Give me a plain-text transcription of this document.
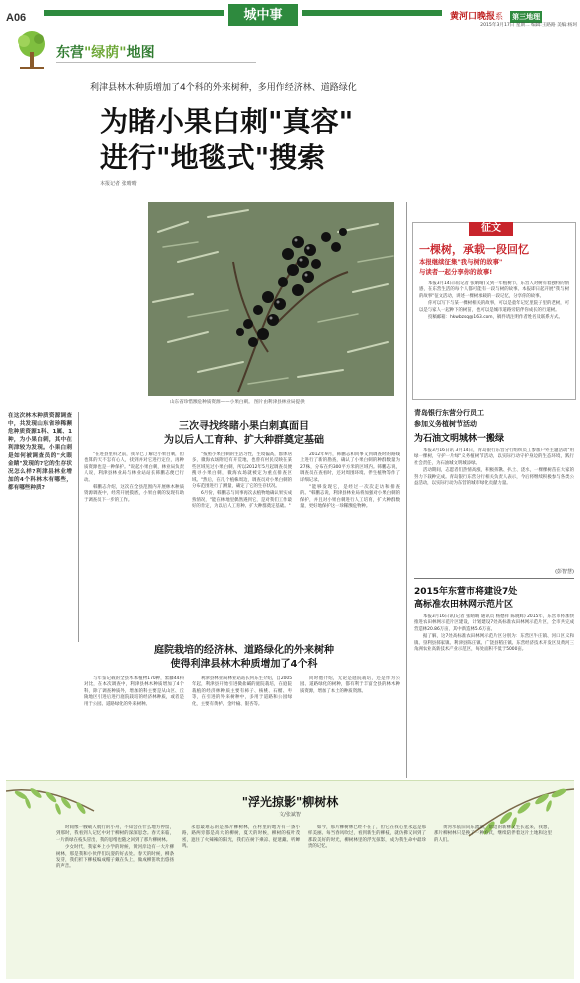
A06	城中事	黄河口晚报系 第三地理
2015年3月17日 星期二 编辑:王路路 美编:杨珂
东营"绿荫"地图
利津县林木种质增加了4个科的外来树种，多用作经济林、道路绿化
为睹小果白刺"真容"
进行"地毯式"搜索
本报记者 张晴晴
山东省珍惜濒危种质资源——小果白刺。 图片由利津县林业局提供
在这次林木种质资源调查中，共发现山东省珍稀濒危种质资源1科、1属、1种，为小果白刺，其中在利津较为发现。小果白刺是如何被调查员的"火眼金睛"发现的?它的生存状况怎么样?利津县林业增加的4个科林木有哪些，都有哪些种质?
三次寻找终睹小果白刺真面目
为以后人工育种、扩大种群奠定基础

"在进县里科之前，我早已了解过小果白刺，但也算的天不怎有心人，找到并对它进行定位，再种质资源也是一种保护。"说起小果白刺，林业局负责人说，利津县林业局与林业站站长韩鹏志便已行动。

韩鹏志介绍，这次在全县范围内开展林木种质资源调查中，经常开展摸底，小果白刺的发现有助于调查员下一步的工作。

"按照小果白刺的生活习性，生境偏高，群体居多，微海农场附近有开荒地，也曾有村民反映在某些区域见过小果白刺，所以2012年5月起调查员便搜寻小果白刺，微海农场就被定为重点排查区域。"然后，在几个植株周边，调查员对小果白刺的分布范围进行了测量，确定了它的生存状况。

6月份，韩鹏志与同事再次去植物地确认果实成熟情况，"能在林地里偶然遇到它，是对我们工作最好的肯定，为以后人工育种、扩大种群奠定基础。"

2012年9月，韩鹏志和同事又到调查时的路线上进行了新的勘查，确认了小果白刺的种群数量为27株，分布在约300平方米的区域内。韩鹏志说，调查员在查看时，还对周围环境、伴生植物等作了详细记录。

"能够发现它，是经过一次次走访和排查的。"韩鹏志说，利津县林业局将加强对小果白刺的保护，并且对小果白刺进行人工培育，扩大种群数量，更好地保护这一珍稀濒危物种。

庭院栽培的经济林、道路绿化的外来树种
使得利津县林木种质增加了4个科

与年鉴记载的全县木本植物170种，紫藤44科对比，在本次调查中，利津县林木种质增加了4个科，除了调查种质外，增加的科主要是从山区、丘陵地区引进后进行庭院栽培的经济林种质，或者是用于公园、道路绿化的外来树种。

利津县林业局林业站站长何东生介绍，自2005年起，利津县开始引进微盐碱的庭院栽培，在庭院栽植的经济林种质主要有柿子、核桃、石榴、枣等，在引进的外来树种中，多用于道路和公园绿化，主要有黄栌、金叶榆、银杏等。

同时他介绍，无论是庭院栽培，还是作为公园、道路绿化的树种，都有利于丰富全县的林木种质资源，增加了本土的种质资源。

征文
一棵树，承载一段回忆
本报继续征集"我与树的故事"
与读者一起分享你的故事!

本报3月14日讯(记者 张晴晴)又到一年植树节，东营人对树有着独特的情感，在东营生活的每个人都可能有一段与树的故事。本报即日起开展"我与树的故事"征文活动，讲述一棵树承载的一段记忆，分享你的故事。

你可以写下与某一棵树相关的故事，可以是童年记忆里院子里的老树，可以是与家人一起种下的树苗，也可以是城市道路旁陪伴你成长的行道树。

投稿邮箱：hkwbzsq@163.com，稿件请注明作者姓名及联系方式。

青岛银行东营分行员工
参加义务植树节活动
为石油文明城林一搬绿

本报3月16日讯 3月14日，青岛银行东营分行组织员工参加户外主题活动"用绿一棵树，守护一片绿"义务植树节活动，以实际行动守护身边的生态环境，践行社会责任，为石油城文明城添绿。

活动期间，志愿者们热情高涨，积极挥锹、扒土、浇水，一棵棵树苗在大家的努力下栽种完成。青岛银行东营分行相关负责人表示，今后将继续积极参与各类公益活动，以实际行动为东营的城市绿化贡献力量。

(彭智慧)
2015年东营市将建设7处
高标准农田林网示范片区

本报3月16日讯(记者 张晴晴 通讯员 杨德祥 陈晓辉) 2015年，东营市将加快推进农田林网示范片区建设，计划建设7处高标准农田林网示范片区，全市共完成营造林20.86万亩，其中新造林5.6万亩。

据了解，这7处高标准农田林网示范片区分别为：东营区牛庄镇、河口区义和镇、垦利县郝家镇、利津县陈庄镇、广饶县稻庄镇、东营经济技术开发区及黄河三角洲农业高新技术产业示范区，每处面积不低于5000亩。

"浮光掠影"柳树林
文/张斌智

时间像一艘载人航行的小舟，不知会在什么地方停留，到那时，我看到人记忆中对于柳树的深深思念。春天来临，一片新绿在枝头冒出，我的思绪也随之回到了那片柳树林。

少女时代，我家乡上小学的时候，黄河岸边有一大片柳树林，那是我和小伙伴们玩耍的好去处。春天的时候，柳条发芽，我们折下柳枝编成帽子戴在头上，做成柳笛吹出悠扬的声音。

永恩最难忘的是那片柳树林，在村里的地方有一条小路，路两旁都是高大的柳树，夏天的时候，柳树的枝叶茂密，遮住了火辣辣的阳光，我们在树下乘凉、捉迷藏、听蝉鸣。

如今，那片柳树林已经不在了，但它在我心里永远是那样美丽。每当春风吹过，看到新生的柳枝，就仿佛又回到了那段美好的时光，柳树林里的浮光掠影，成为我生命中最珍贵的记忆。

黄河水依旧向东流淌，岸边的新柳又生长起来，我想，那片柳树林只是换了一种方式，继续陪伴着这片土地和这里的人们。
